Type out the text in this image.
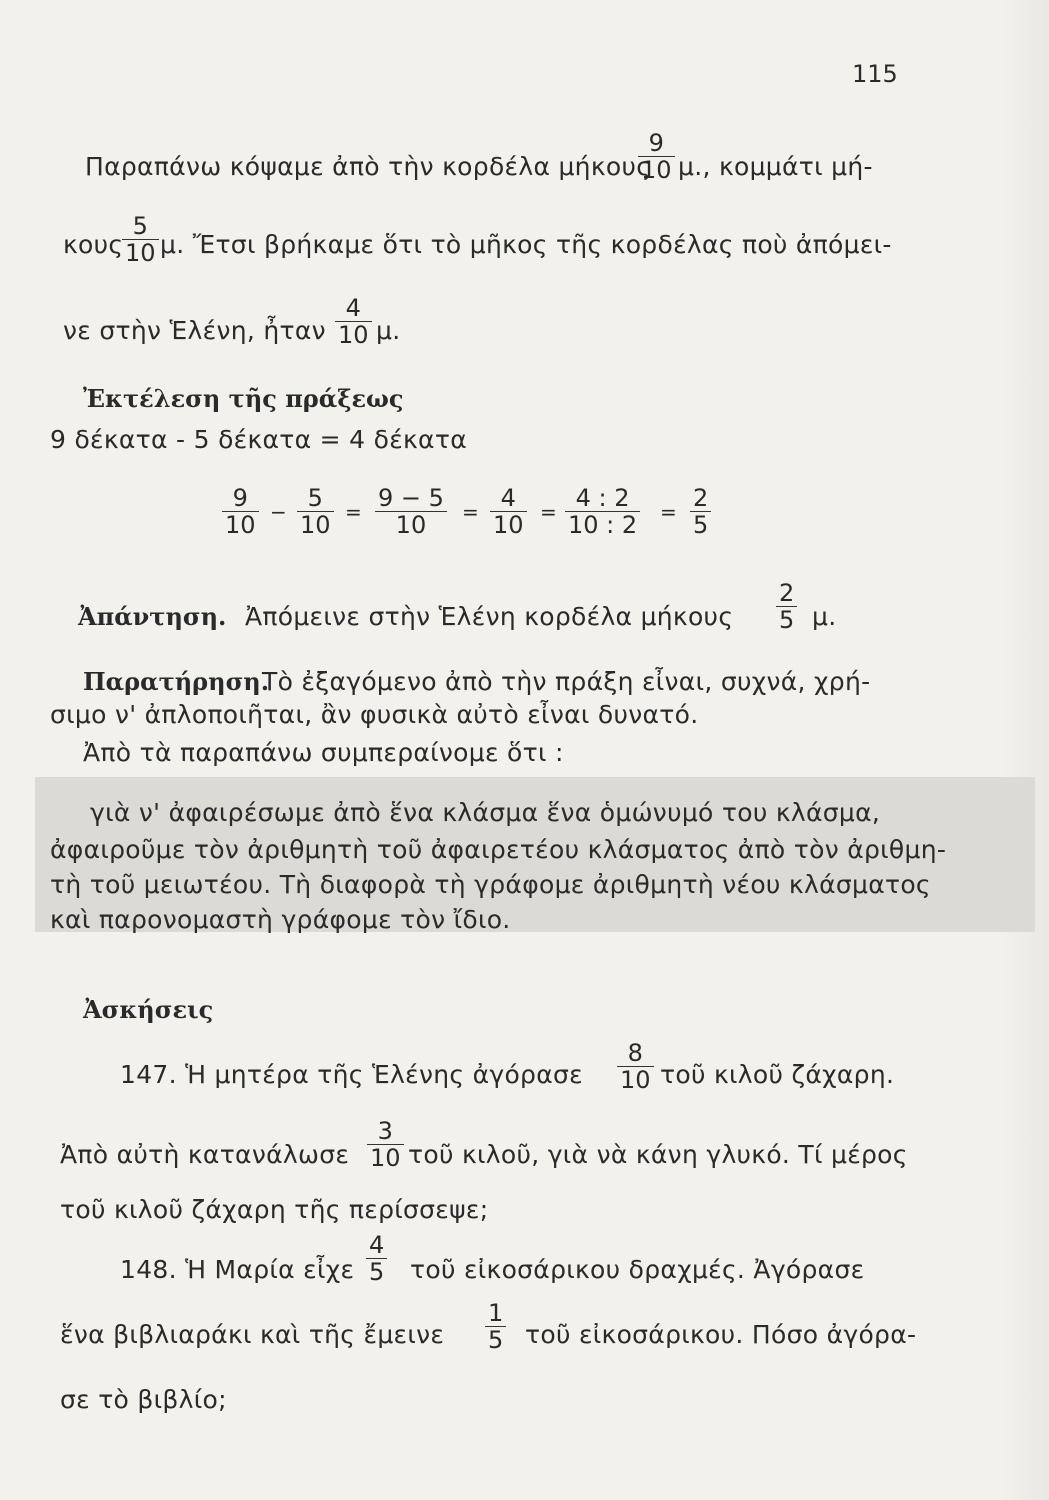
115
Παραπάνω κόψαμε ἀπὸ τὴν κορδέλα μήκους
9
10 μ., κομμάτι μή-
κους
5
10 μ. Ἔτσι βρήκαμε ὅτι τὸ μῆκος τῆς κορδέλας ποὺ ἀπόμει-
νε στὴν Ἑλένη, ἦταν
4
10 μ.
Ἐκτέλεση τῆς πράξεως
9 δέκατα - 5 δέκατα = 4 δέκατα
9
10 − 5
10 = 9 − 5
10 = 4
10 = 4 : 2
10 : 2 = 2
5
Ἀπάντηση. Ἀπόμεινε στὴν Ἑλένη κορδέλα μήκους
2
5 μ.
Παρατήρηση.
Τὸ ἐξαγόμενο ἀπὸ τὴν πράξη εἶναι, συχνά, χρή-
σιμο ν' ἀπλοποιῆται, ἂν φυσικὰ αὐτὸ εἶναι δυνατό.
Ἀπὸ τὰ παραπάνω συμπεραίνομε ὅτι :
γιὰ ν' ἀφαιρέσωμε ἀπὸ ἕνα κλάσμα ἕνα ὁμώνυμό του κλάσμα,
ἀφαιροῦμε τὸν ἀριθμητὴ τοῦ ἀφαιρετέου κλάσματος ἀπὸ τὸν ἀριθμη-
τὴ τοῦ μειωτέου. Τὴ διαφορὰ τὴ γράφομε ἀριθμητὴ νέου κλάσματος
καὶ παρονομαστὴ γράφομε τὸν ἴδιο.
Ἀσκήσεις
147. Ἡ μητέρα τῆς Ἑλένης ἀγόρασε
8
10 τοῦ κιλοῦ ζάχαρη.
Ἀπὸ αὐτὴ κατανάλωσε
3
10 τοῦ κιλοῦ, γιὰ νὰ κάνη γλυκό. Τί μέρος
τοῦ κιλοῦ ζάχαρη τῆς περίσσεψε;
148. Ἡ Μαρία εἶχε
4
5 τοῦ εἰκοσάρικου δραχμές. Ἀγόρασε
ἕνα βιβλιαράκι καὶ τῆς ἔμεινε
1
5 τοῦ εἰκοσάρικου. Πόσο ἀγόρα-
σε τὸ βιβλίο;
